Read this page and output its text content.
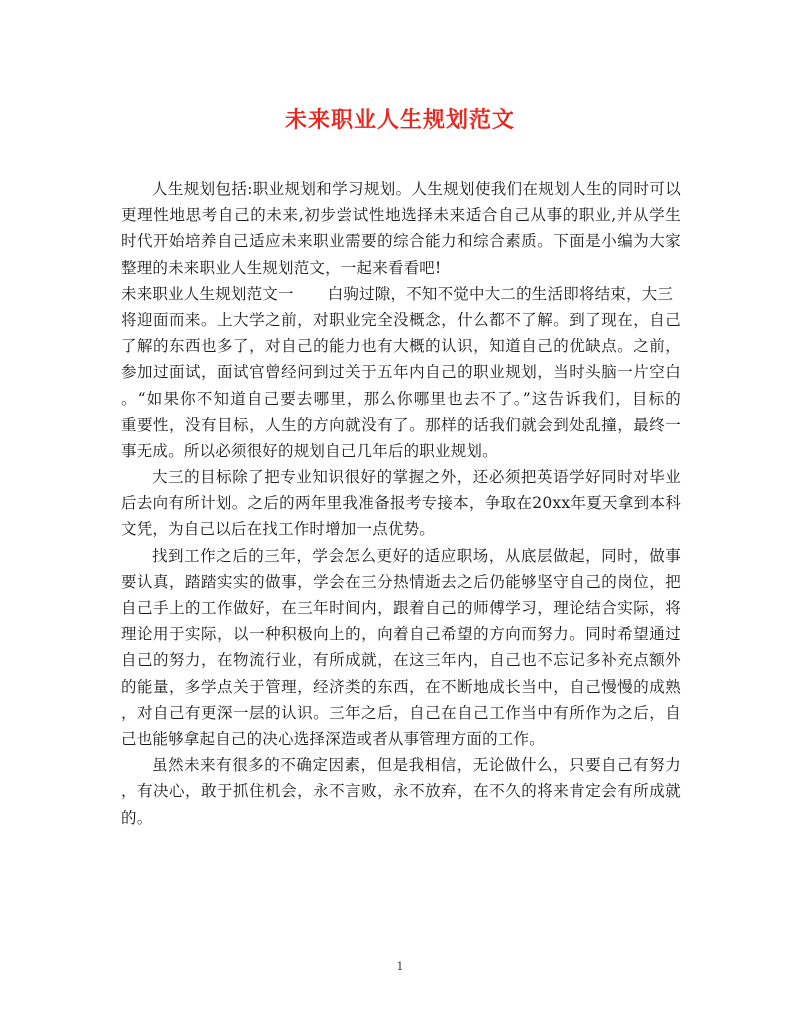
未来职业人生规划范文
人生规划包括:职业规划和学习规划。人生规划使我们在规划人生的同时可以
更理性地思考自己的未来,初步尝试性地选择未来适合自己从事的职业,并从学生
时代开始培养自己适应未来职业需要的综合能力和综合素质。下面是小编为大家
整理的未来职业人生规划范文，一起来看看吧!
未来职业人生规划范文一 白驹过隙，不知不觉中大二的生活即将结束，大三
将迎面而来。上大学之前，对职业完全没概念，什么都不了解。到了现在，自己
了解的东西也多了，对自己的能力也有大概的认识，知道自己的优缺点。之前，
参加过面试，面试官曾经问到过关于五年内自己的职业规划，当时头脑一片空白
。“如果你不知道自己要去哪里，那么你哪里也去不了。”这告诉我们，目标的
重要性，没有目标，人生的方向就没有了。那样的话我们就会到处乱撞，最终一
事无成。所以必须很好的规划自己几年后的职业规划。
大三的目标除了把专业知识很好的掌握之外，还必须把英语学好同时对毕业
后去向有所计划。之后的两年里我准备报考专接本，争取在20xx年夏天拿到本科
文凭，为自己以后在找工作时增加一点优势。
找到工作之后的三年，学会怎么更好的适应职场，从底层做起，同时，做事
要认真，踏踏实实的做事，学会在三分热情逝去之后仍能够坚守自己的岗位，把
自己手上的工作做好，在三年时间内，跟着自己的师傅学习，理论结合实际，将
理论用于实际，以一种积极向上的，向着自己希望的方向而努力。同时希望通过
自己的努力，在物流行业，有所成就，在这三年内，自己也不忘记多补充点额外
的能量，多学点关于管理，经济类的东西，在不断地成长当中，自己慢慢的成熟
，对自己有更深一层的认识。三年之后，自己在自己工作当中有所作为之后，自
己也能够拿起自己的决心选择深造或者从事管理方面的工作。
虽然未来有很多的不确定因素，但是我相信，无论做什么，只要自己有努力
，有决心，敢于抓住机会，永不言败，永不放弃，在不久的将来肯定会有所成就
的。
1
